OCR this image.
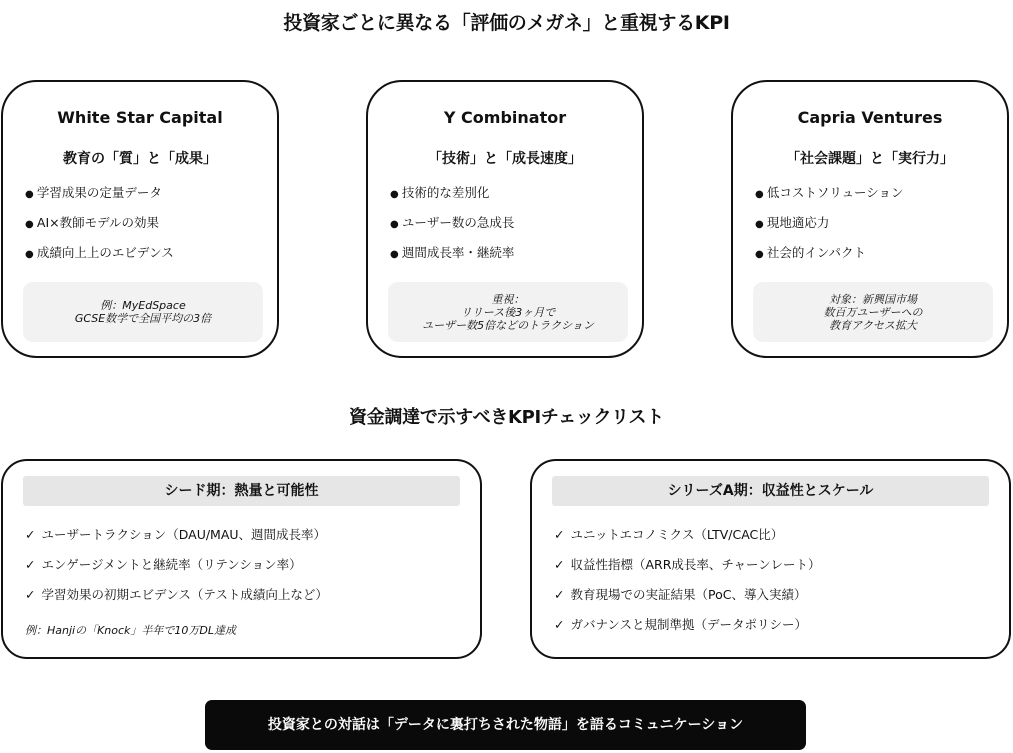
投資家ごとに異なる「評価のメガネ」と重視するKPI
White Star Capital
教育の「質」と「成果」
● 学習成果の定量データ
● AI×教師モデルの効果
● 成績向上上のエビデンス
例：MyEdSpace
GCSE数学で全国平均の3倍
Y Combinator
「技術」と「成長速度」
● 技術的な差別化
● ユーザー数の急成長
● 週間成長率・継続率
重視：
リリース後3ヶ月で
ユーザー数5倍などのトラクション
Capria Ventures
「社会課題」と「実行力」
● 低コストソリューション
● 現地適応力
● 社会的インパクト
対象：新興国市場
数百万ユーザーへの
教育アクセス拡大
資金調達で示すべきKPIチェックリスト
シード期：熱量と可能性
✓ ユーザートラクション（DAU/MAU、週間成長率）
✓ エンゲージメントと継続率（リテンション率）
✓ 学習効果の初期エビデンス（テスト成績向上など）
例：Hanjiの「Knock」半年で10万DL達成
シリーズA期：収益性とスケール
✓ ユニットエコノミクス（LTV/CAC比）
✓ 収益性指標（ARR成長率、チャーンレート）
✓ 教育現場での実証結果（PoC、導入実績）
✓ ガバナンスと規制準拠（データポリシー）
投資家との対話は「データに裏打ちされた物語」を語るコミュニケーション
